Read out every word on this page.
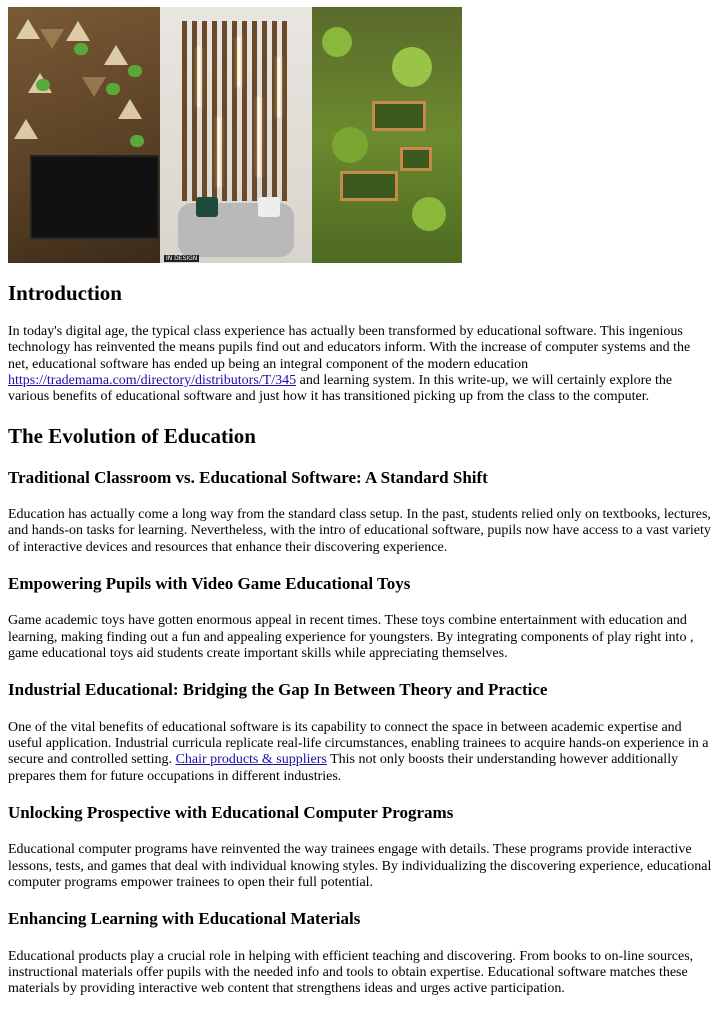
IN DESIGN
Introduction

In today's digital age, the typical class experience has actually been transformed by educational software. This ingenious technology has reinvented the means pupils find out and educators inform. With the increase of computer systems and the net, educational software has ended up being an integral component of the modern education https://trademama.com/directory/distributors/T/345 and learning system. In this write-up, we will certainly explore the various benefits of educational software and just how it has transitioned picking up from the class to the computer.

The Evolution of Education
Traditional Classroom vs. Educational Software: A Standard Shift

Education has actually come a long way from the standard class setup. In the past, students relied only on textbooks, lectures, and hands-on tasks for learning. Nevertheless, with the intro of educational software, pupils now have access to a vast variety of interactive devices and resources that enhance their discovering experience.

Empowering Pupils with Video Game Educational Toys

Game academic toys have gotten enormous appeal in recent times. These toys combine entertainment with education and learning, making finding out a fun and appealing experience for youngsters. By integrating components of play right into , game educational toys aid students create important skills while appreciating themselves.

Industrial Educational: Bridging the Gap In Between Theory and Practice

One of the vital benefits of educational software is its capability to connect the space in between academic expertise and useful application. Industrial curricula replicate real-life circumstances, enabling trainees to acquire hands-on experience in a secure and controlled setting. Chair products & suppliers This not only boosts their understanding however additionally prepares them for future occupations in different industries.

Unlocking Prospective with Educational Computer Programs

Educational computer programs have reinvented the way trainees engage with details. These programs provide interactive lessons, tests, and games that deal with individual knowing styles. By individualizing the discovering experience, educational computer programs empower trainees to open their full potential.

Enhancing Learning with Educational Materials

Educational products play a crucial role in helping with efficient teaching and discovering. From books to on-line sources, instructional materials offer pupils with the needed info and tools to obtain expertise. Educational software matches these materials by providing interactive web content that strengthens ideas and urges active participation.
